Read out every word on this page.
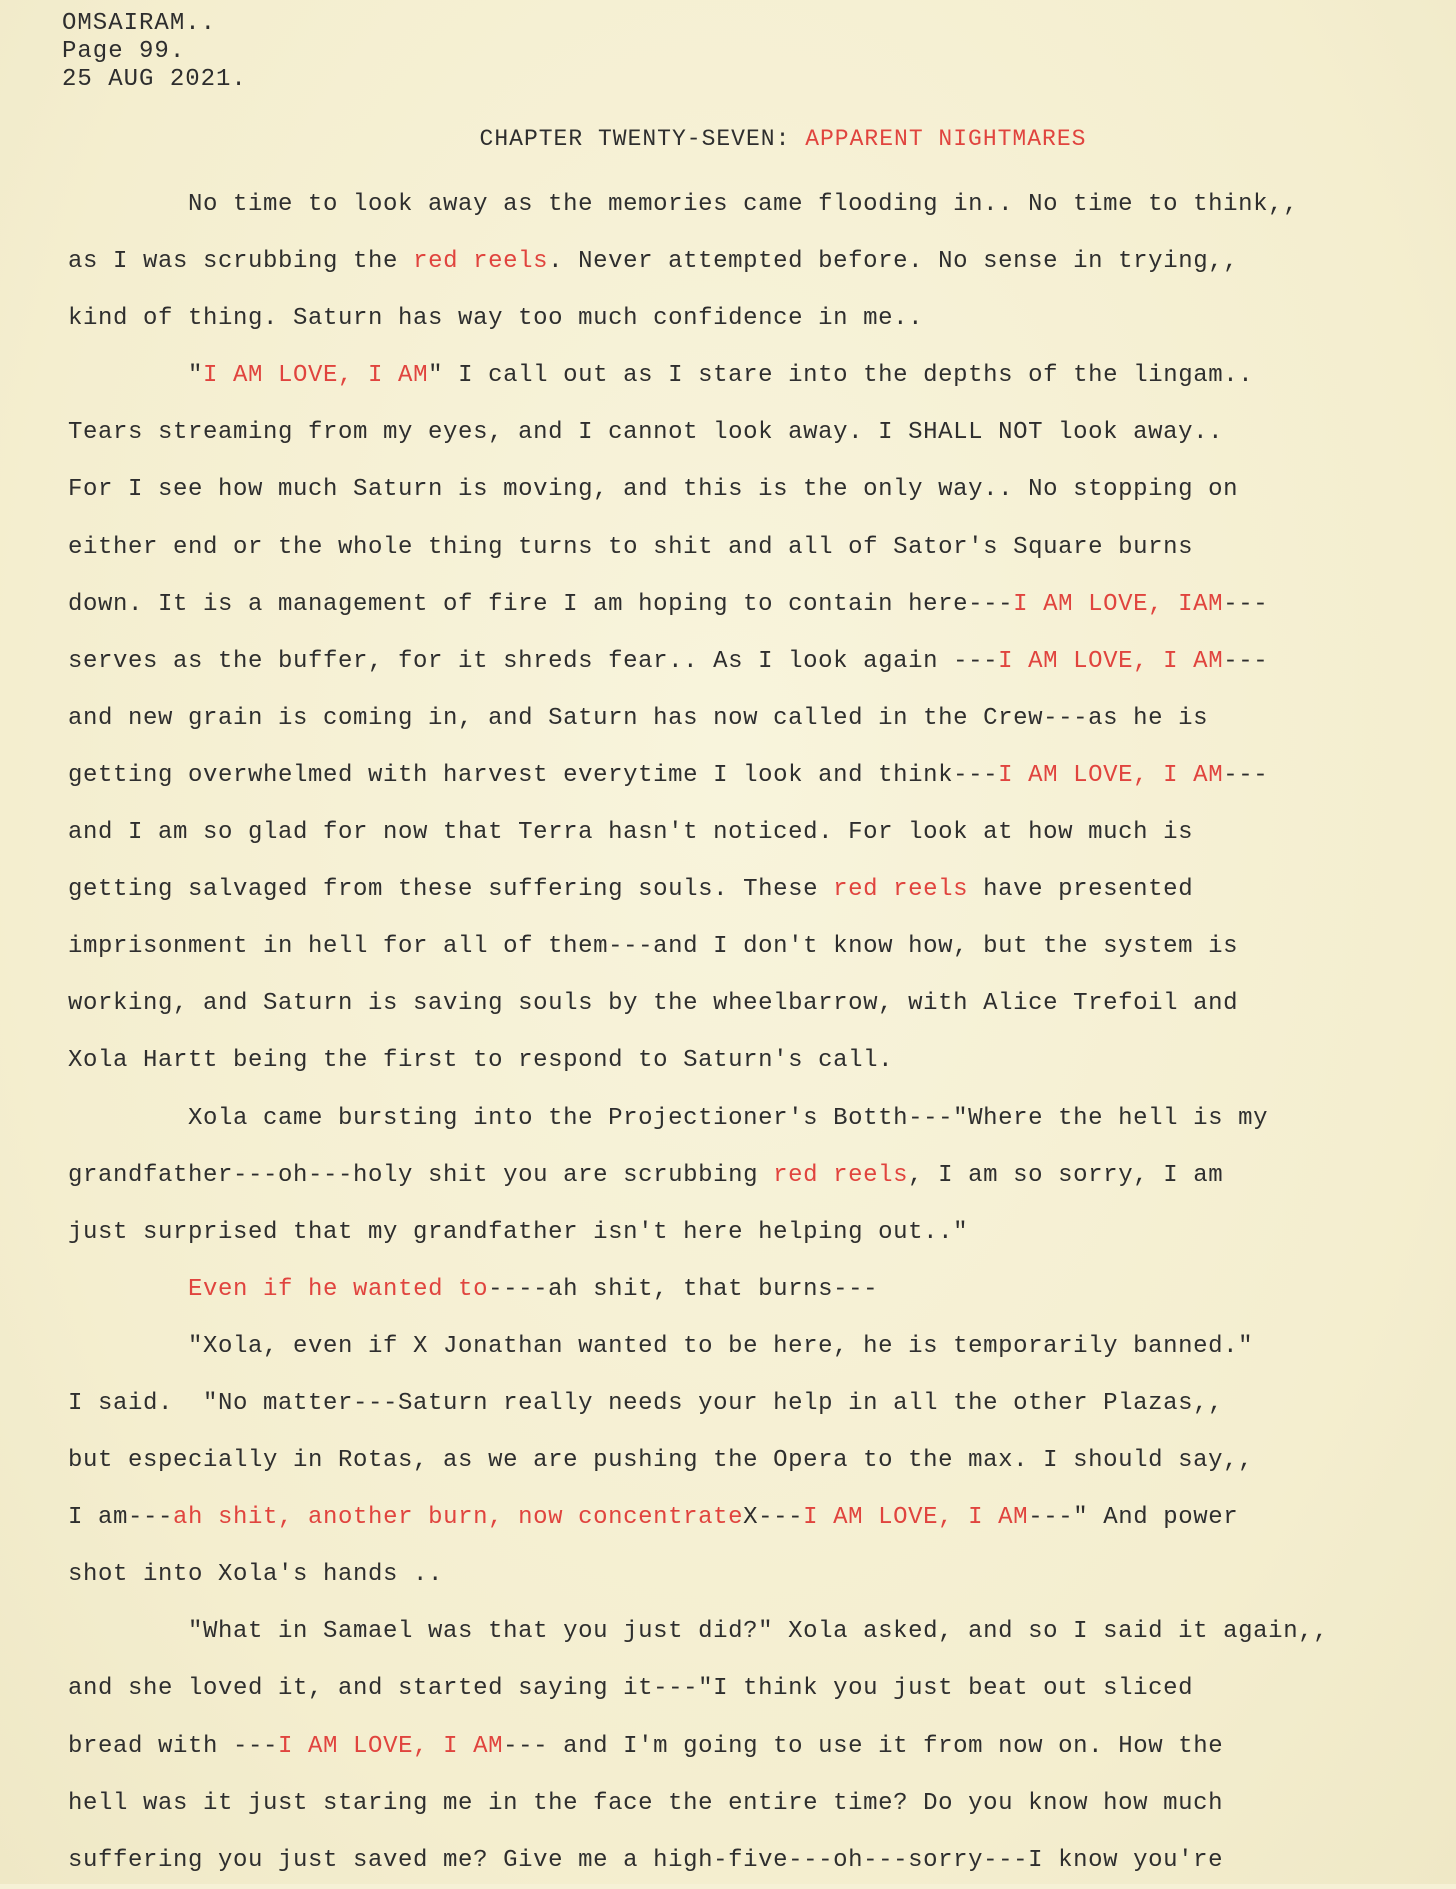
OMSAIRAM..
Page 99.
25 AUG 2021.
CHAPTER TWENTY-SEVEN: APPARENT NIGHTMARES
No time to look away as the memories came flooding in.. No time to think,,
as I was scrubbing the red reels. Never attempted before. No sense in trying,,
kind of thing. Saturn has way too much confidence in me..
"I AM LOVE, I AM" I call out as I stare into the depths of the lingam..
Tears streaming from my eyes, and I cannot look away. I SHALL NOT look away..
For I see how much Saturn is moving, and this is the only way.. No stopping on
either end or the whole thing turns to shit and all of Sator's Square burns
down. It is a management of fire I am hoping to contain here---I AM LOVE, IAM---
serves as the buffer, for it shreds fear.. As I look again ---I AM LOVE, I AM---
and new grain is coming in, and Saturn has now called in the Crew---as he is
getting overwhelmed with harvest everytime I look and think---I AM LOVE, I AM---
and I am so glad for now that Terra hasn't noticed. For look at how much is
getting salvaged from these suffering souls. These red reels have presented
imprisonment in hell for all of them---and I don't know how, but the system is
working, and Saturn is saving souls by the wheelbarrow, with Alice Trefoil and
Xola Hartt being the first to respond to Saturn's call.
Xola came bursting into the Projectioner's Botth---"Where the hell is my
grandfather---oh---holy shit you are scrubbing red reels, I am so sorry, I am
just surprised that my grandfather isn't here helping out.."
Even if he wanted to----ah shit, that burns---
"Xola, even if X Jonathan wanted to be here, he is temporarily banned."
I said.  "No matter---Saturn really needs your help in all the other Plazas,,
but especially in Rotas, as we are pushing the Opera to the max. I should say,,
I am---ah shit, another burn, now concentrateX---I AM LOVE, I AM---" And power
shot into Xola's hands ..
"What in Samael was that you just did?" Xola asked, and so I said it again,,
and she loved it, and started saying it---"I think you just beat out sliced
bread with ---I AM LOVE, I AM--- and I'm going to use it from now on. How the
hell was it just staring me in the face the entire time? Do you know how much
suffering you just saved me? Give me a high-five---oh---sorry---I know you're
